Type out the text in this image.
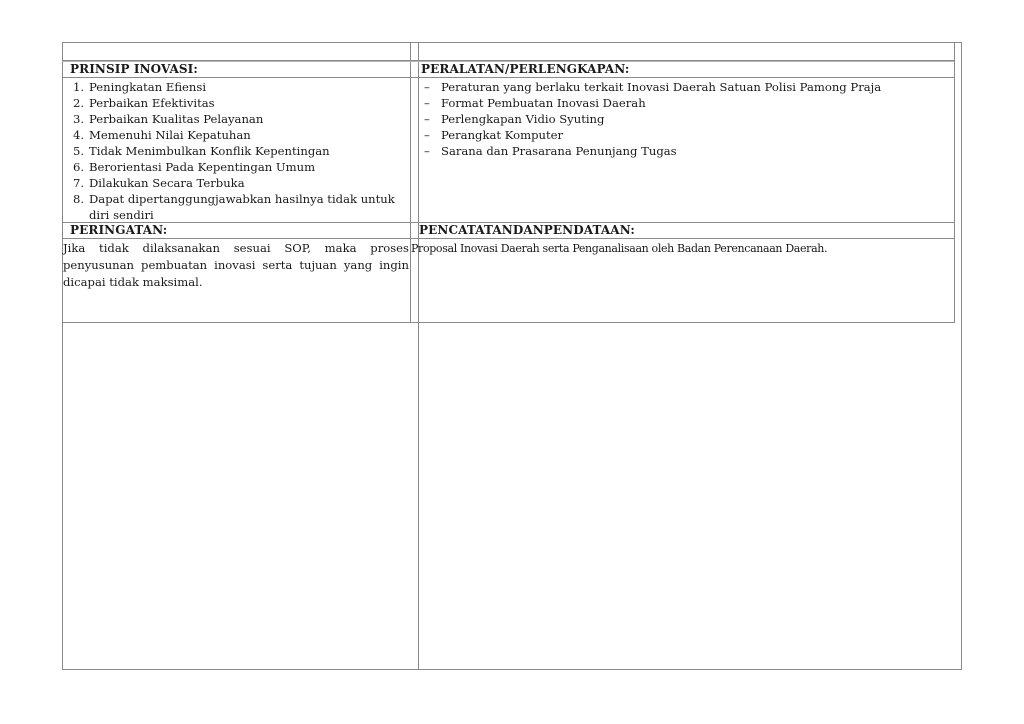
PRINSIP INOVASI:	PERALATAN/PERLENGKAPAN:
1. Peningkatan Efiensi
2. Perbaikan Efektivitas
3. Perbaikan Kualitas Pelayanan
4. Memenuhi Nilai Kepatuhan
5. Tidak Menimbulkan Konflik Kepentingan
6. Berorientasi Pada Kepentingan Umum
7. Dilakukan Secara Terbuka
8. Dapat dipertanggungjawabkan hasilnya tidak untuk diri sendiri
– Peraturan yang berlaku terkait Inovasi Daerah Satuan Polisi Pamong Praja
– Format Pembuatan Inovasi Daerah
– Perlengkapan Vidio Syuting
– Perangkat Komputer
– Sarana dan Prasarana Penunjang Tugas
PERINGATAN:	PENCATATANDANPENDATAAN:
Jika tidak dilaksanakan sesuai SOP, maka proses penyusunan pembuatan inovasi serta tujuan yang ingin dicapai tidak maksimal.
Proposal Inovasi Daerah serta Penganalisaan oleh Badan Perencanaan Daerah.
